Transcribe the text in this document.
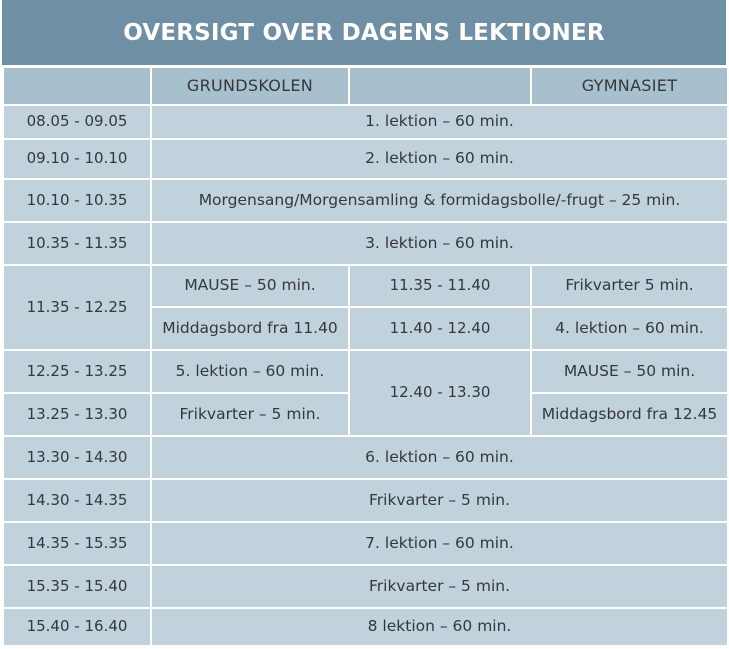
OVERSIGT OVER DAGENS LEKTIONER
	GRUNDSKOLEN		GYMNASIET
08.05 - 09.05	1. lektion – 60 min.		
09.10 - 10.10	2. lektion – 60 min.		
10.10 - 10.35	Morgensang/Morgensamling & formidagsbolle/-frugt – 25 min.		
10.35 - 11.35	3. lektion – 60 min.		
11.35 - 12.25	MAUSE – 50 min.	11.35 - 11.40	Frikvarter 5 min.
	Middagsbord fra 11.40	11.40 - 12.40	4. lektion – 60 min.
12.25 - 13.25	5. lektion – 60 min.	12.40 - 13.30	MAUSE – 50 min.
13.25 - 13.30	Frikvarter – 5 min.		Middagsbord fra 12.45
13.30 - 14.30	6. lektion – 60 min.		
14.30 - 14.35	Frikvarter – 5 min.		
14.35 - 15.35	7. lektion – 60 min.		
15.35 - 15.40	Frikvarter – 5 min.		
15.40 - 16.40	8 lektion – 60 min.		
